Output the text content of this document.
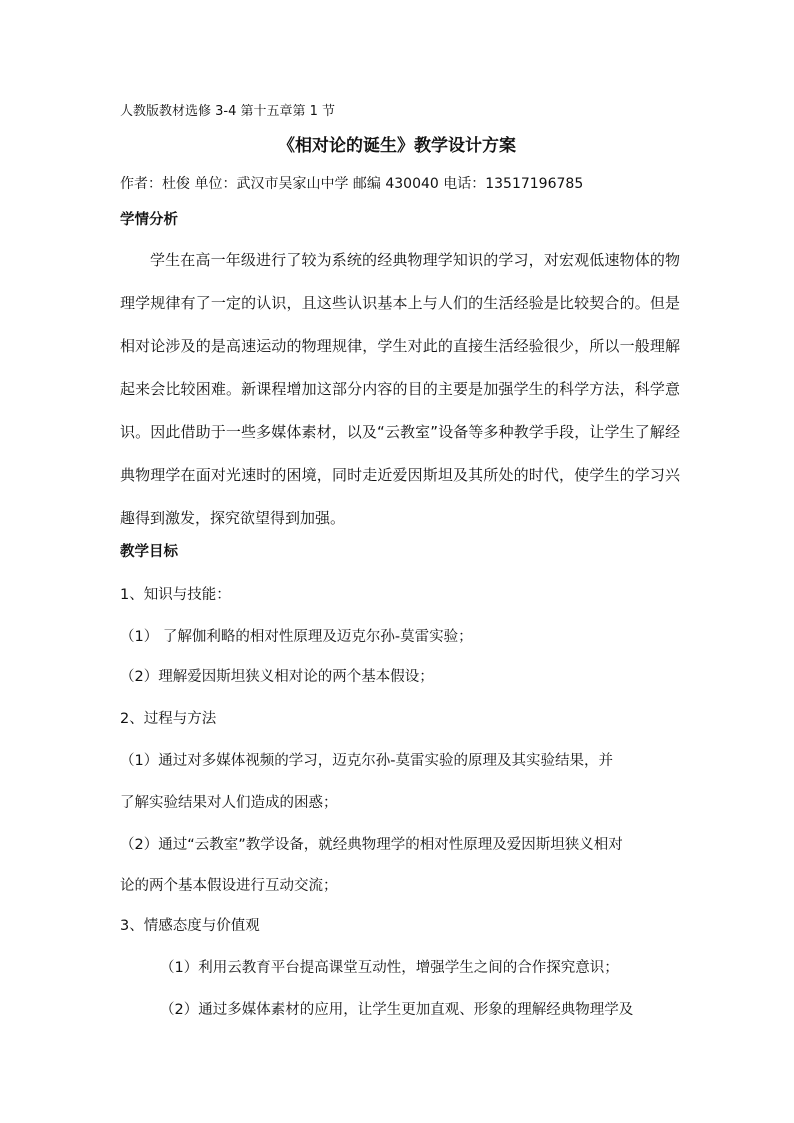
人教版教材选修 3-4 第十五章第 1 节
《相对论的诞生》教学设计方案
作者：杜俊 单位：武汉市吴家山中学 邮编 430040 电话：13517196785
学情分析

学生在高一年级进行了较为系统的经典物理学知识的学习，对宏观低速物体的物理学规律有了一定的认识，且这些认识基本上与人们的生活经验是比较契合的。但是相对论涉及的是高速运动的物理规律，学生对此的直接生活经验很少，所以一般理解起来会比较困难。新课程增加这部分内容的目的主要是加强学生的科学方法，科学意识。因此借助于一些多媒体素材，以及“云教室”设备等多种教学手段，让学生了解经典物理学在面对光速时的困境，同时走近爱因斯坦及其所处的时代，使学生的学习兴趣得到激发，探究欲望得到加强。

教学目标
1、知识与技能：
（1） 了解伽利略的相对性原理及迈克尔孙-莫雷实验；
（2）理解爱因斯坦狭义相对论的两个基本假设；
2、过程与方法
（1）通过对多媒体视频的学习，迈克尔孙-莫雷实验的原理及其实验结果，并
了解实验结果对人们造成的困惑；
（2）通过“云教室”教学设备，就经典物理学的相对性原理及爱因斯坦狭义相对
论的两个基本假设进行互动交流；
3、情感态度与价值观
（1）利用云教育平台提高课堂互动性，增强学生之间的合作探究意识；
（2）通过多媒体素材的应用，让学生更加直观、形象的理解经典物理学及
